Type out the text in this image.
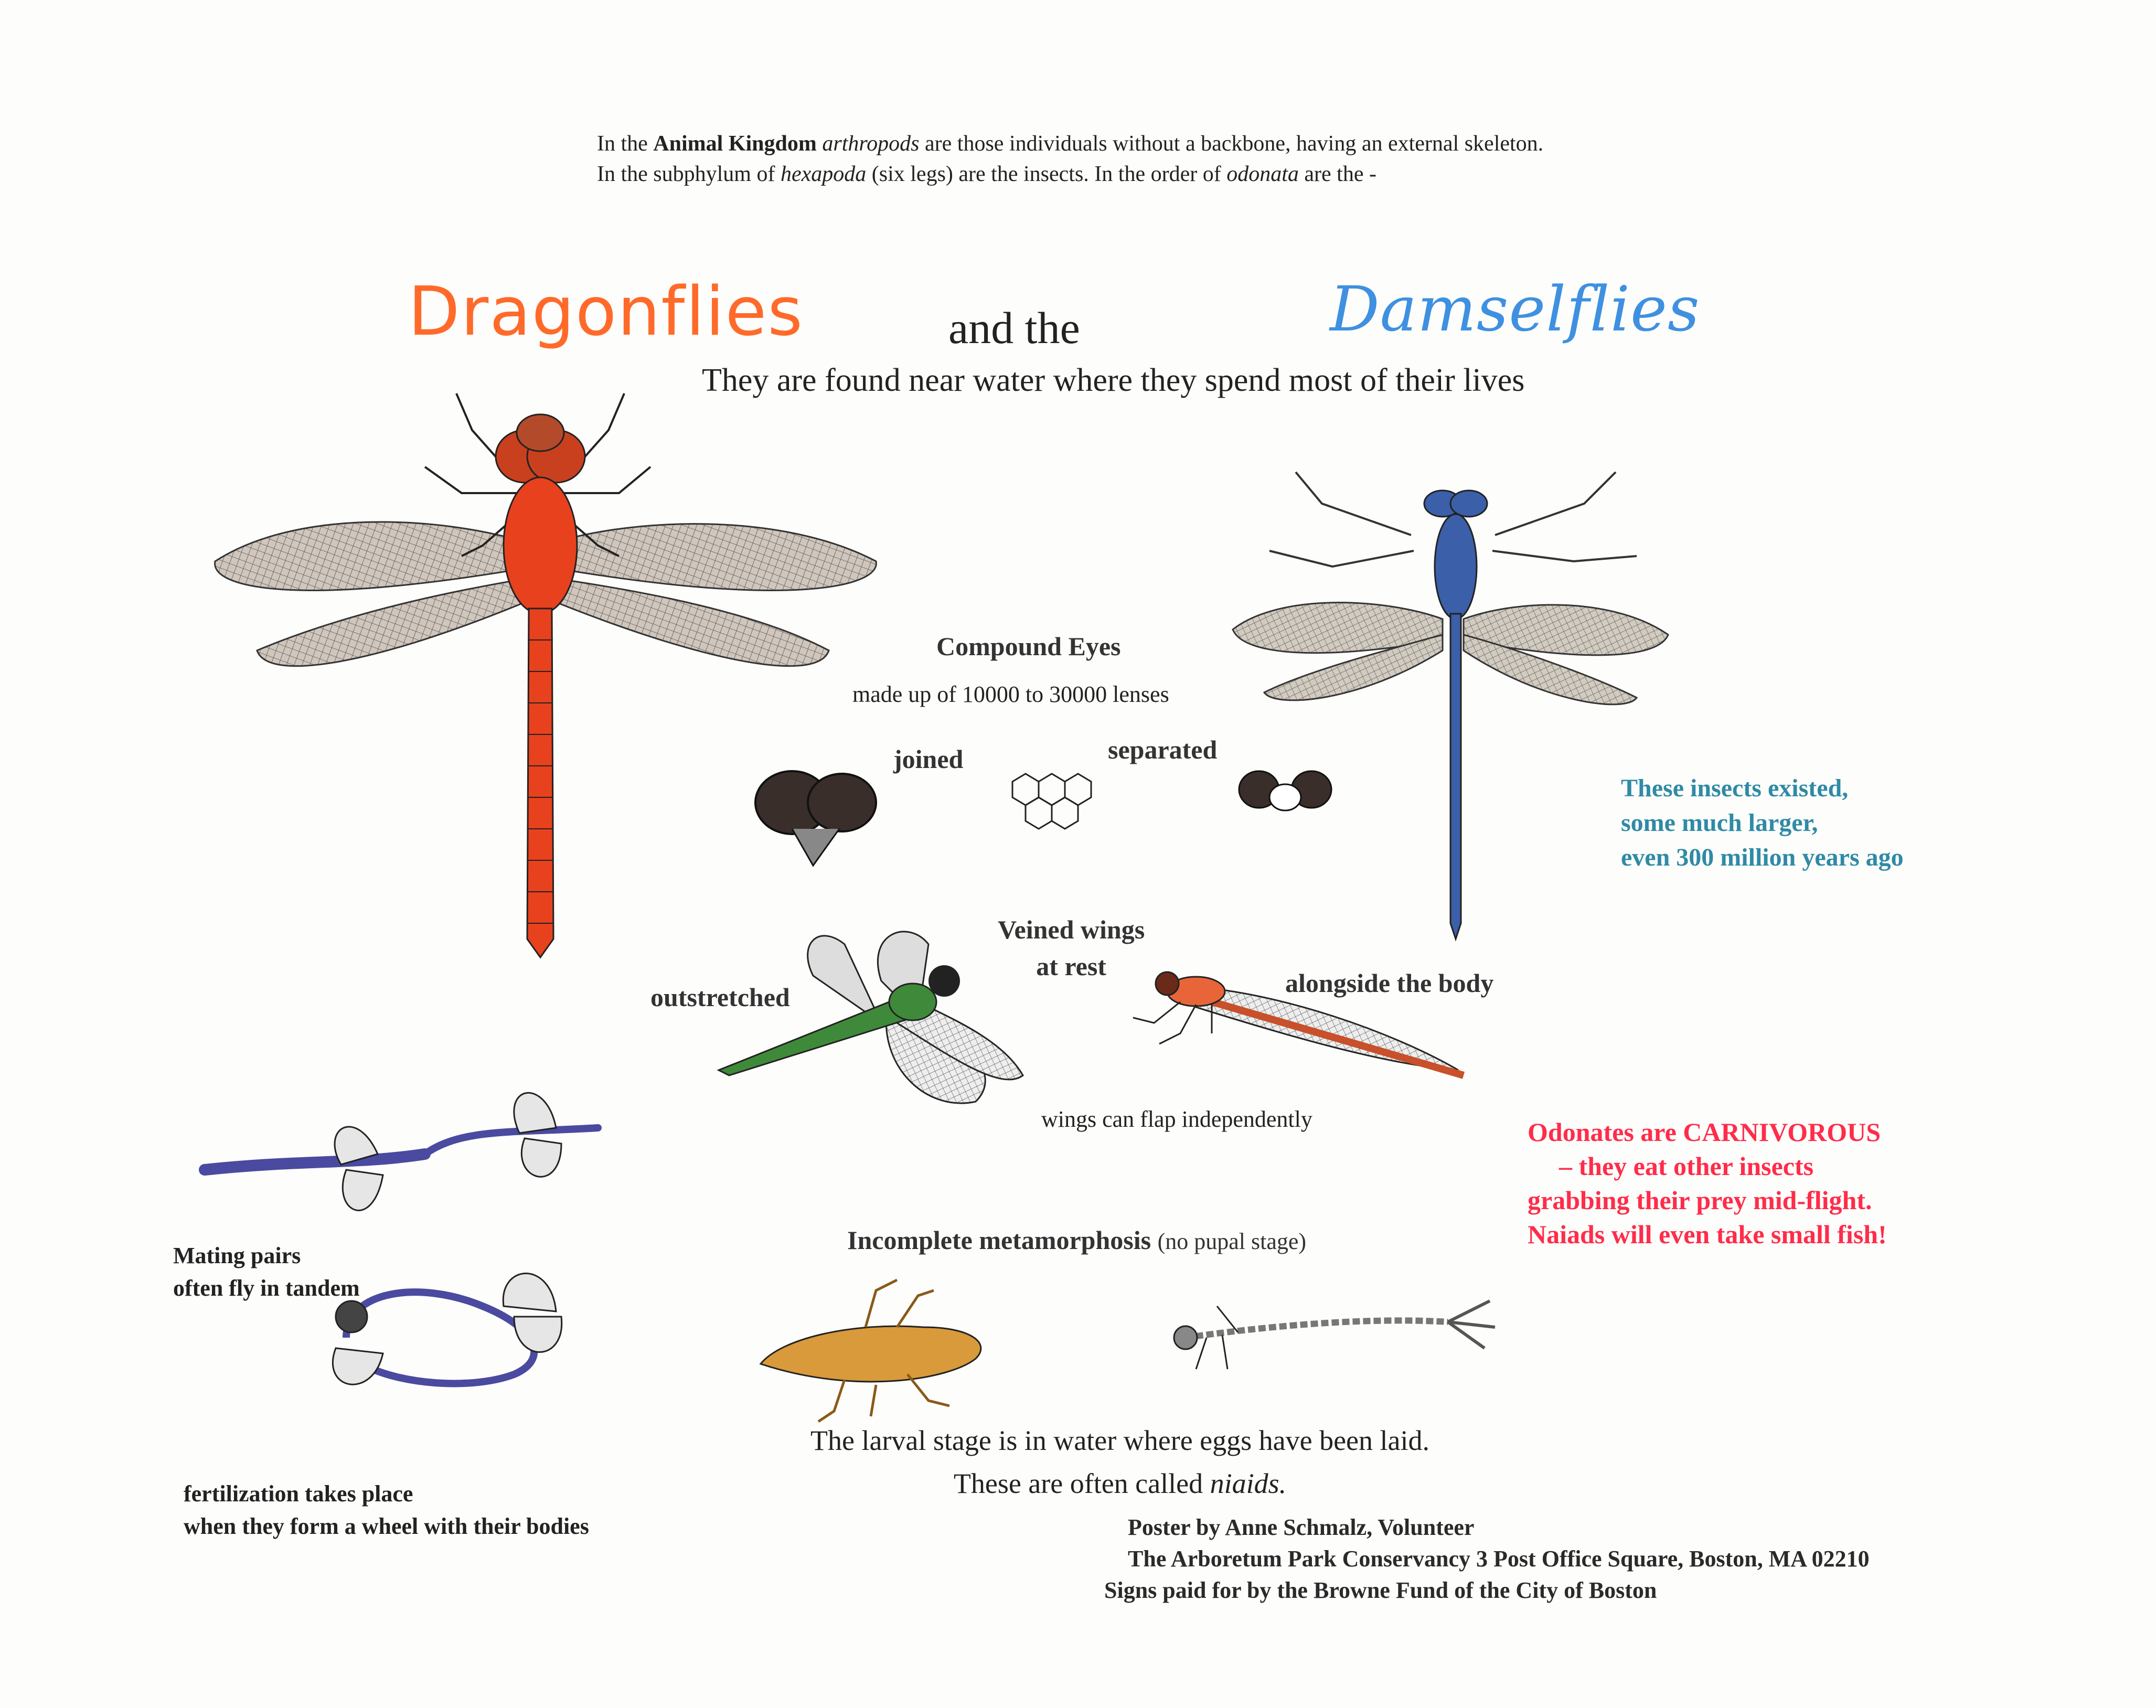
In the Animal Kingdom arthropods are those individuals without a backbone, having an external skeleton. In the subphylum of hexapoda (six legs) are the insects. In the order of odonata are the -
Dragonflies	and the	Damselflies
They are found near water where they spend most of their lives
Compound Eyes
made up of 10000 to 30000 lenses
joined	separated
These insects existed,
some much larger,
even 300 million years ago
Veined wings
at rest
outstretched	alongside the body
wings can flap independently	Odonates are CARNIVOROUS
– they eat other insects
grabbing their prey mid-flight.
Naiads will even take small fish!
Mating pairs
often fly in tandem
Incomplete metamorphosis (no pupal stage)
The larval stage is in water where eggs have been laid.
These are often called niaids.
fertilization takes place
when they form a wheel with their bodies	Poster by Anne Schmalz, Volunteer
The Arboretum Park Conservancy 3 Post Office Square, Boston, MA 02210
Signs paid for by the Browne Fund of the City of Boston
